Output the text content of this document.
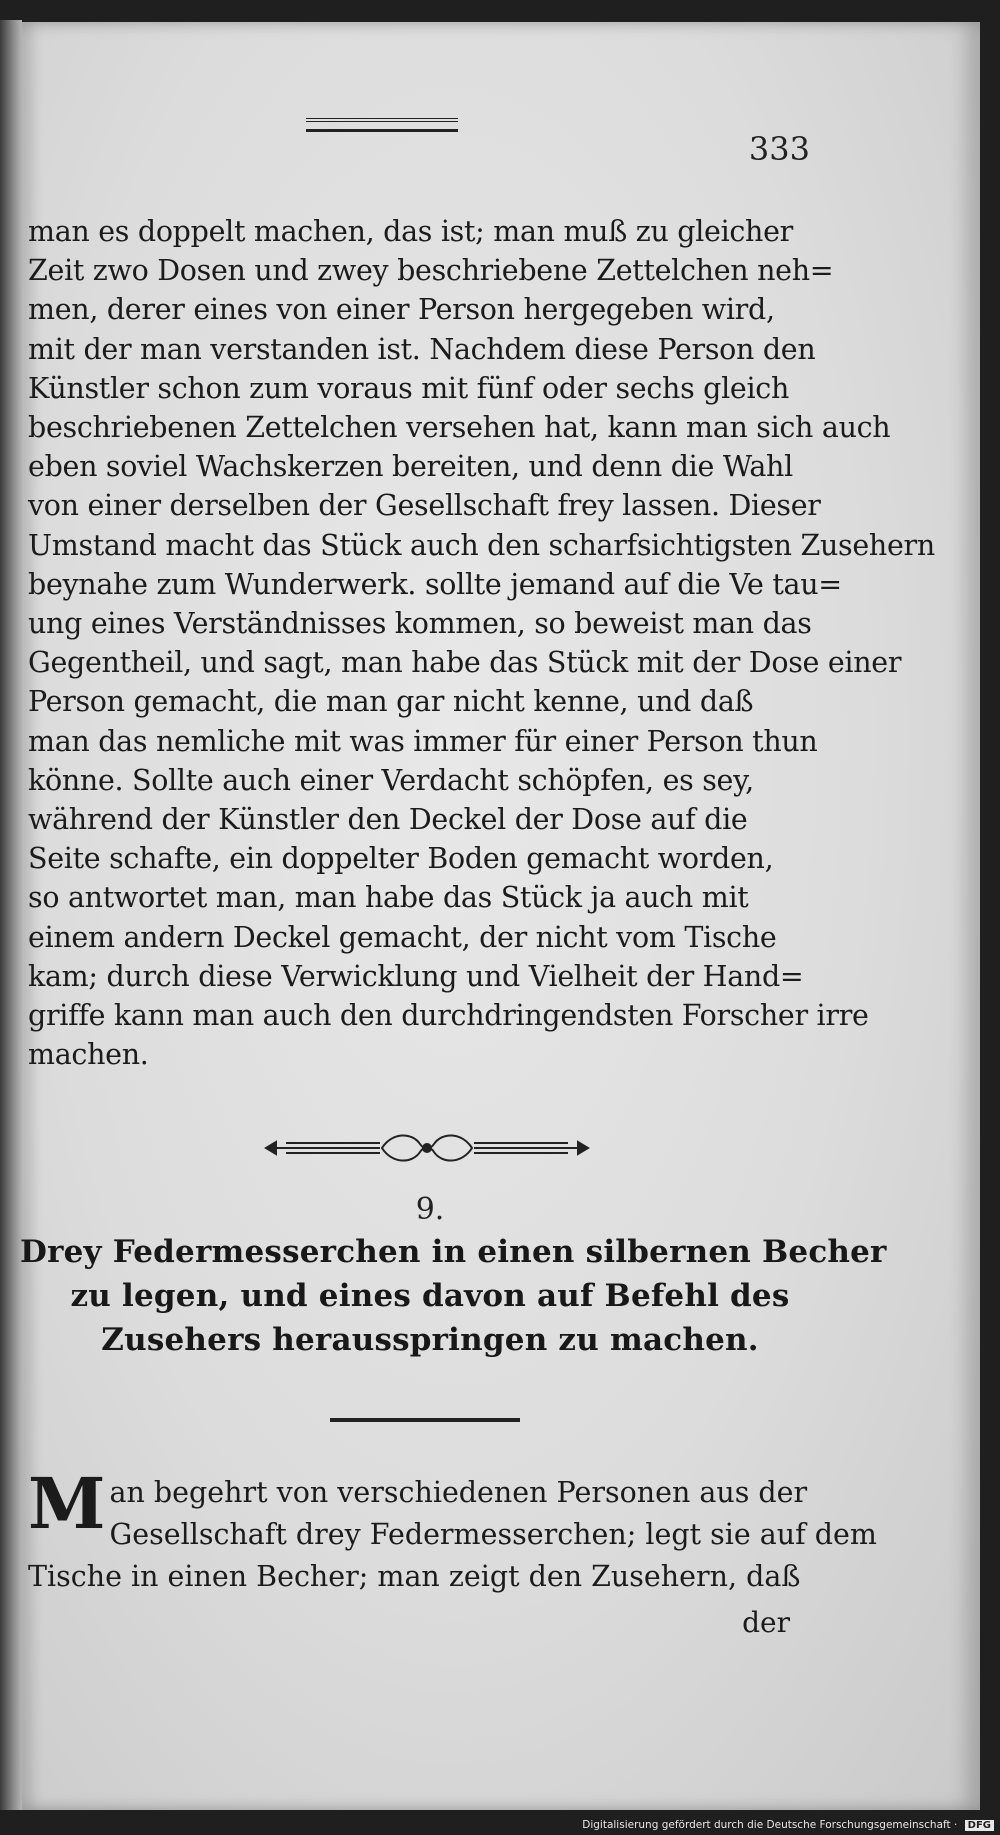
333
man es doppelt machen, das ist; man muß zu gleicher
Zeit zwo Dosen und zwey beschriebene Zettelchen neh=
men, derer eines von einer Person hergegeben wird,
mit der man verstanden ist. Nachdem diese Person den
Künstler schon zum voraus mit fünf oder sechs gleich
beschriebenen Zettelchen versehen hat, kann man sich auch
eben soviel Wachskerzen bereiten, und denn die Wahl
von einer derselben der Gesellschaft frey lassen. Dieser
Umstand macht das Stück auch den scharfsichtigsten Zusehern
beynahe zum Wunderwerk. sollte jemand auf die Ve tau=
ung eines Verständnisses kommen, so beweist man das
Gegentheil, und sagt, man habe das Stück mit der Dose einer
Person gemacht, die man gar nicht kenne, und daß
man das nemliche mit was immer für einer Person thun
könne. Sollte auch einer Verdacht schöpfen, es sey,
während der Künstler den Deckel der Dose auf die
Seite schafte, ein doppelter Boden gemacht worden,
so antwortet man, man habe das Stück ja auch mit
einem andern Deckel gemacht, der nicht vom Tische
kam; durch diese Verwicklung und Vielheit der Hand=
griffe kann man auch den durchdringendsten Forscher irre
machen.
9.
Drey Federmesserchen in einen silbernen Becher
zu legen, und eines davon auf Befehl des
Zusehers herausspringen zu machen.
M an begehrt von verschiedenen Personen aus der
Gesellschaft drey Federmesserchen; legt sie auf dem
Tische in einen Becher; man zeigt den Zusehern, daß
der
Digitalisierung gefördert durch die Deutsche Forschungsgemeinschaft · DFG
